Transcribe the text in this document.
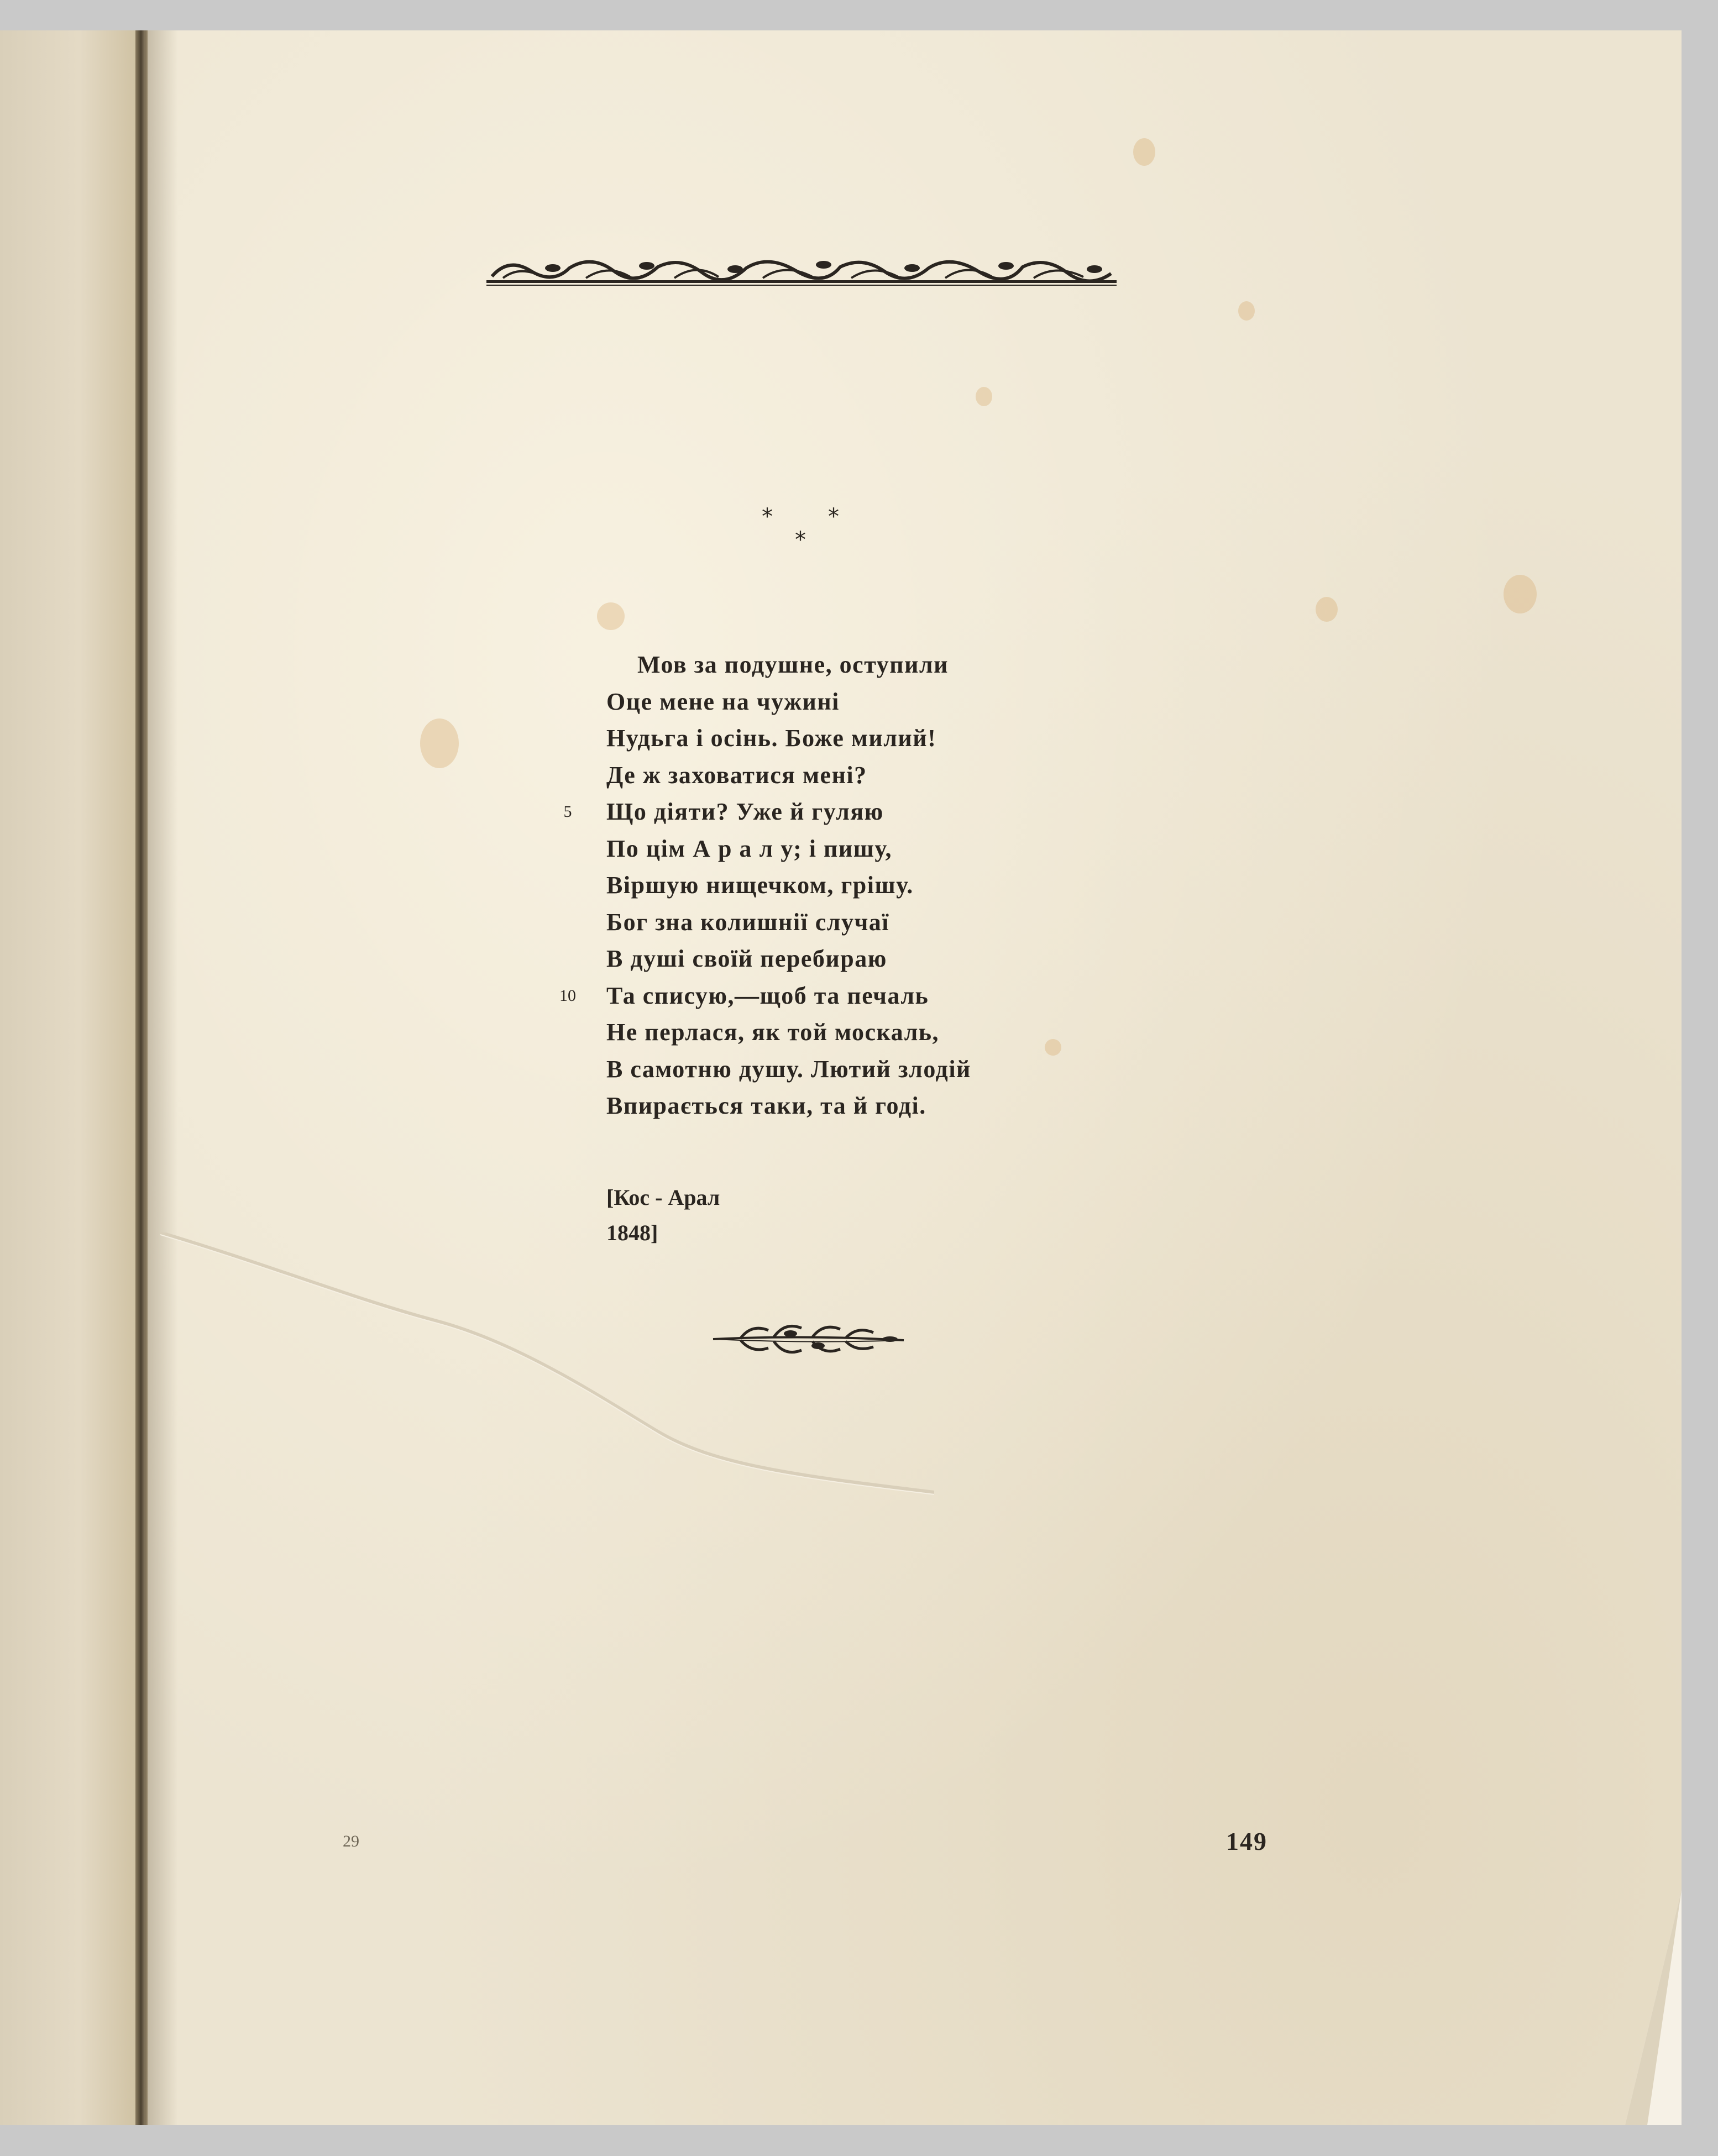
*	*
*
Мов за подушне, оступили
Оце мене на чужині
Нудьга і осінь. Боже милий!
Де ж заховатися мені?
5	Що діяти? Уже й гуляю
По цім А р а л у; і пишу,
Віршую нищечком, грішу.
Бог зна колишнії случаї
В душі своїй перебираю
10	Та списую,—щоб та печаль
Не перлася, як той москаль,
В самотню душу. Лютий злодій
Впирається таки, та й годі.
[Кос - Арал
1848]
29	149
